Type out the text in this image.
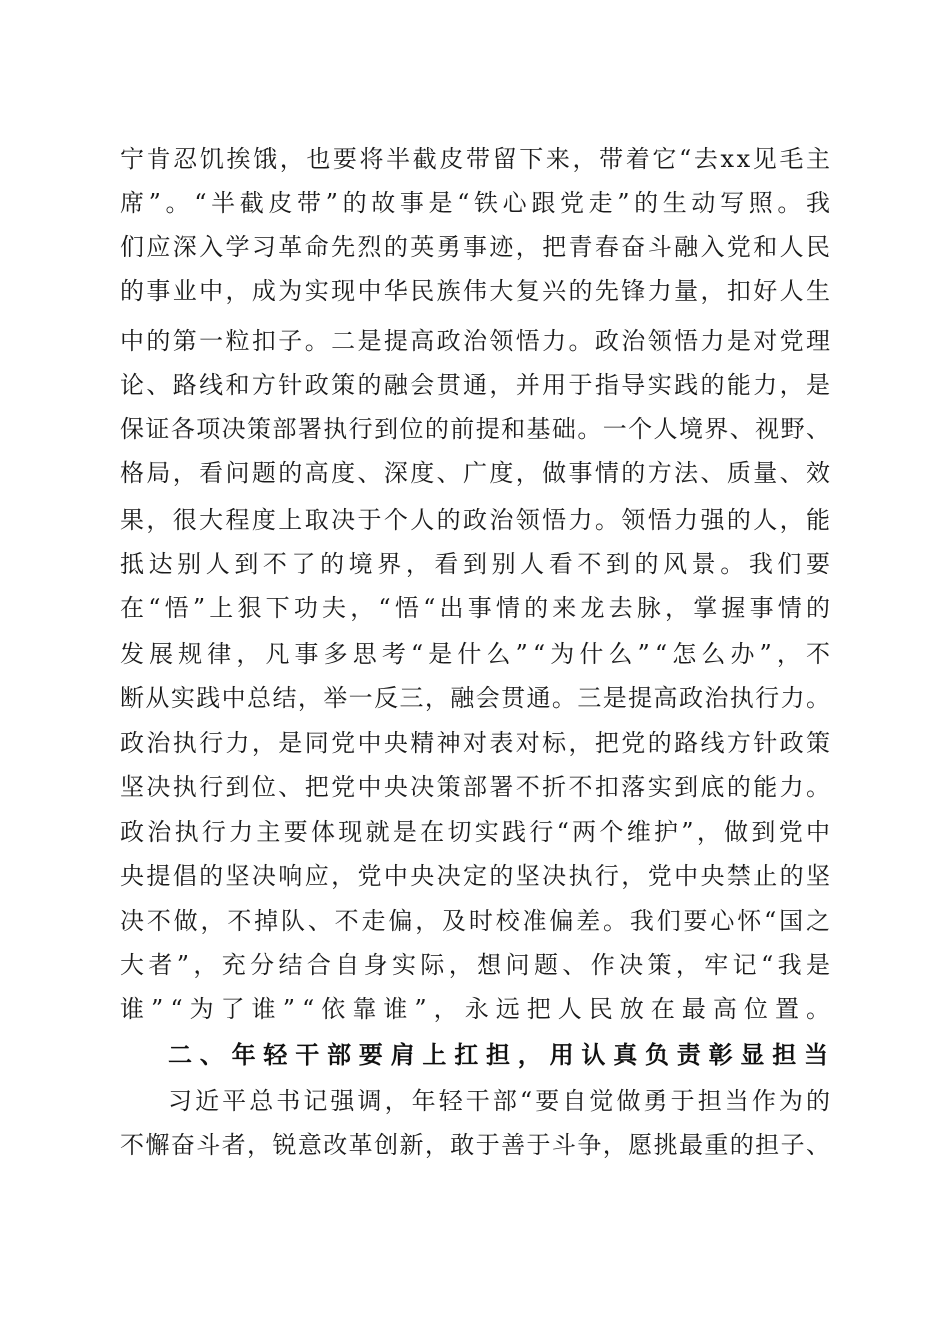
宁肯忍饥挨饿，也要将半截皮带留下来，带着它“去xx见毛主
席”。“半截皮带”的故事是“铁心跟党走”的生动写照。我
们应深入学习革命先烈的英勇事迹，把青春奋斗融入党和人民
的事业中，成为实现中华民族伟大复兴的先锋力量，扣好人生
中的第一粒扣子。二是提高政治领悟力。政治领悟力是对党理
论、路线和方针政策的融会贯通，并用于指导实践的能力，是
保证各项决策部署执行到位的前提和基础。一个人境界、视野、
格局，看问题的高度、深度、广度，做事情的方法、质量、效
果，很大程度上取决于个人的政治领悟力。领悟力强的人，能
抵达别人到不了的境界，看到别人看不到的风景。我们要
在“悟”上狠下功夫，“悟“出事情的来龙去脉，掌握事情的
发展规律，凡事多思考“是什么”“为什么”“怎么办”，不
断从实践中总结，举一反三，融会贯通。三是提高政治执行力。
政治执行力，是同党中央精神对表对标，把党的路线方针政策
坚决执行到位、把党中央决策部署不折不扣落实到底的能力。
政治执行力主要体现就是在切实践行“两个维护”，做到党中
央提倡的坚决响应，党中央决定的坚决执行，党中央禁止的坚
决不做，不掉队、不走偏，及时校准偏差。我们要心怀“国之
大者”，充分结合自身实际，想问题、作决策，牢记“我是
谁”“为了谁”“依靠谁”，永远把人民放在最高位置。
二、年轻干部要肩上扛担，用认真负责彰显担当
习近平总书记强调，年轻干部“要自觉做勇于担当作为的
不懈奋斗者，锐意改革创新，敢于善于斗争，愿挑最重的担子、
